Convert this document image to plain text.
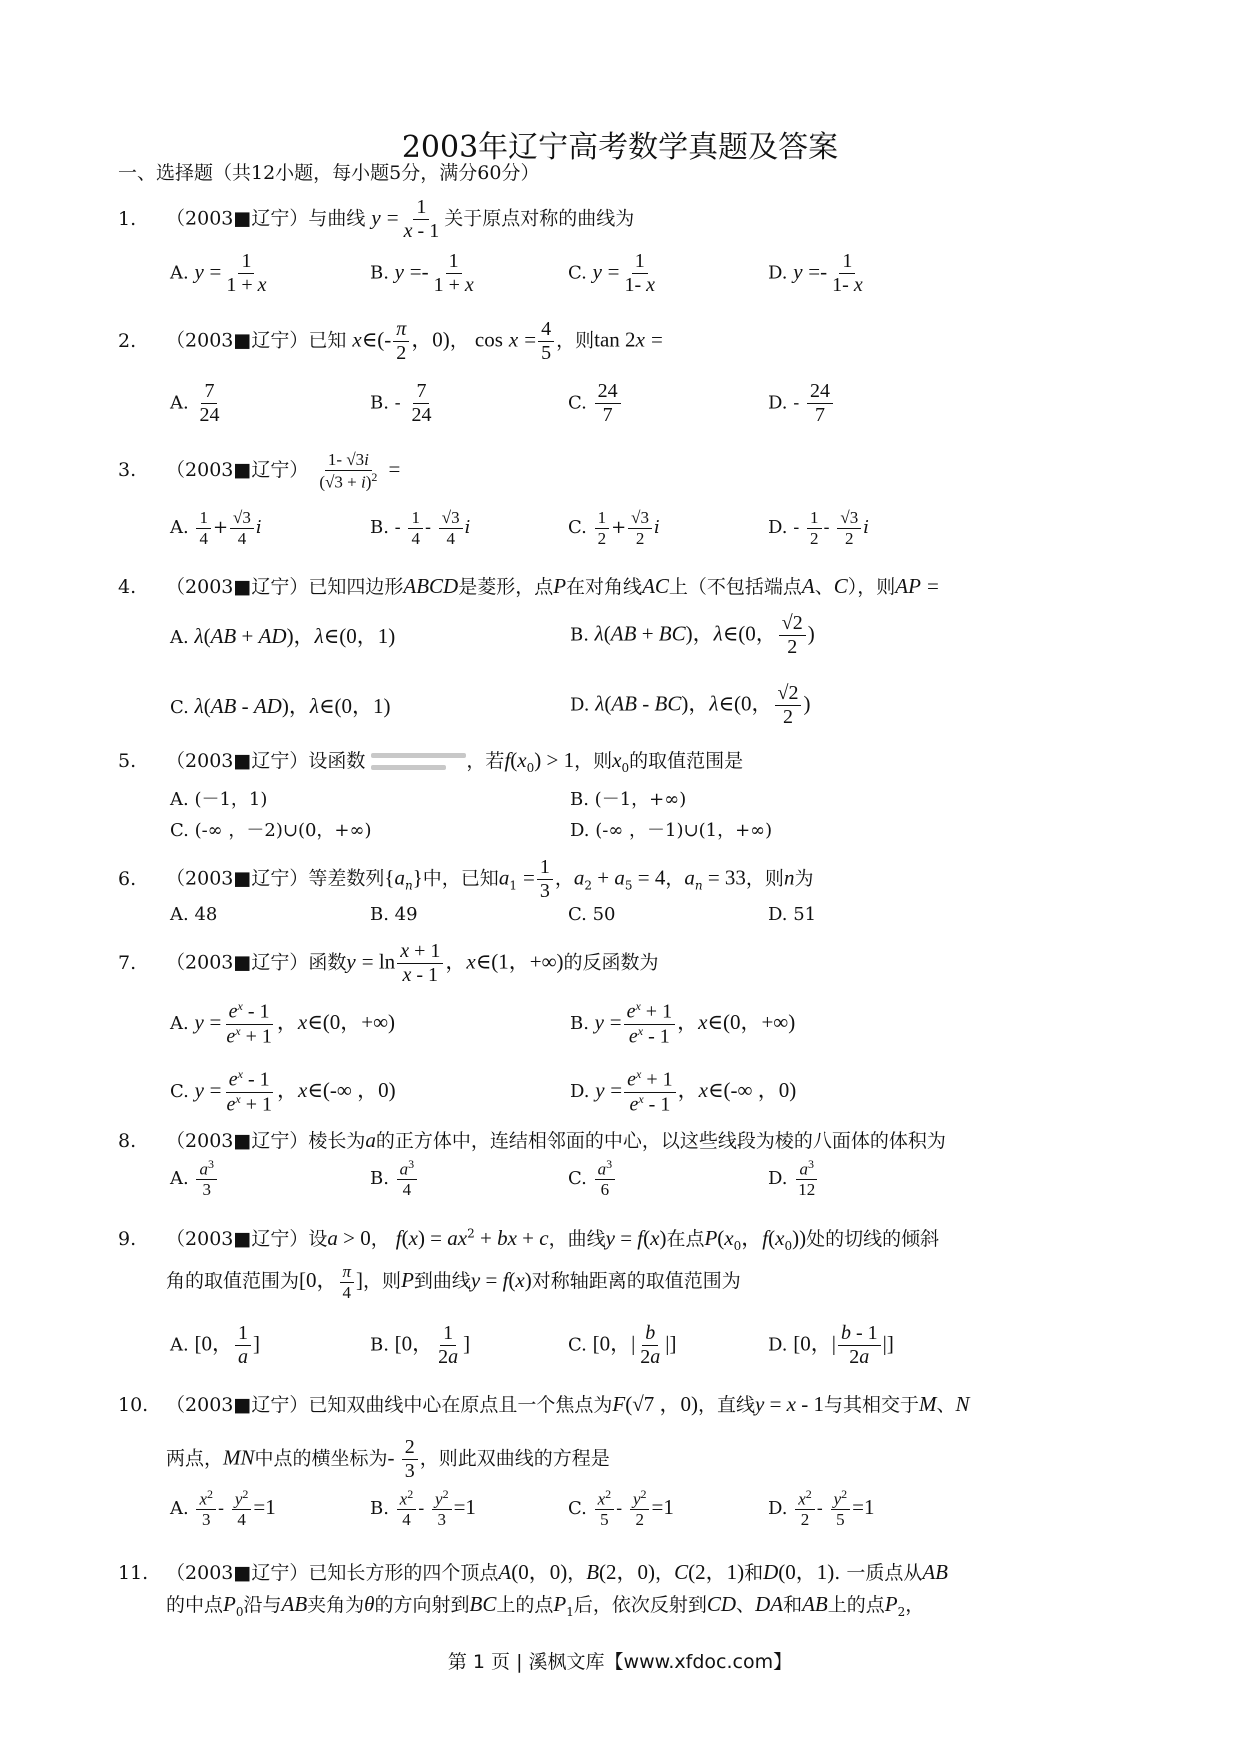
2003年辽宁高考数学真题及答案
一、选择题（共12小题，每小题5分，满分60分）
1. （2003■辽宁）与曲线 $y = \frac{1}{x - 1}$ 关于原点对称的曲线为
A. $y = \frac{1}{1 + x}$	B. $y =- \frac{1}{1 + x}$	C. $y = \frac{1}{1- x}$	D. $y =- \frac{1}{1- x}$
2. （2003■辽宁）已知 x∈(- $\frac{\pi}{2}$ ，0)， $\cos x = \frac{4}{5}$ ，则tan 2x =
A. $\frac{7}{24}$	B. - $\frac{7}{24}$	C. $\frac{24}{7}$	D. - $\frac{24}{7}$
3. （2003■辽宁） $\frac{1- √3i}{(√3 + i)^2}$ =
A. $\frac{1}{4} + \frac{√3}{4}$ i	B. - $\frac{1}{4} - \frac{√3}{4}$ i	C. $\frac{1}{2} + \frac{√3}{2}$ i	D. - $\frac{1}{2} - \frac{√3}{2}$ i
4. （2003■辽宁）已知四边形ABCD是菱形，点P在对角线AC上（不包括端点A、C），则AP =
A. λ(AB + AD)，λ∈(0，1)	B. λ(AB + BC)，λ∈(0， $\frac{√2}{2}$ )
C. λ(AB - AD)，λ∈(0，1)	D. λ(AB - BC)，λ∈(0， $\frac{√2}{2}$ )
5. （2003■辽宁）设函数	，若$f(x_0) > 1$，则$x_0$的取值范围是
A. (－1，1)	B. (－1，+∞)
C. (-∞ ，－2)∪(0，+∞)	D. (-∞ ，－1)∪(1，+∞)
6. （2003■辽宁）等差数列$\{a_n\}$中，已知$a_1 = \frac{1}{3}$ ，$a_2 + a_5 = 4$，$a_n = 33$，则n为
A. 48	B. 49	C. 50	D. 51
7. （2003■辽宁）函数$y = \ln \frac{x + 1}{x - 1}$ ，x∈(1，+∞)的反函数为
A. $y = \frac{e^x - 1}{e^x + 1}$ ，x∈(0，+∞)	B. $y = \frac{e^x + 1}{e^x - 1}$ ，x∈(0，+∞)
C. $y = \frac{e^x - 1}{e^x + 1}$ ，x∈(-∞ ，0)	D. $y = \frac{e^x + 1}{e^x - 1}$ ，x∈(-∞ ，0)
8. （2003■辽宁）棱长为a的正方体中，连结相邻面的中心，以这些线段为棱的八面体的体积为
A. $\frac{a^3}{3}$	B. $\frac{a^3}{4}$	C. $\frac{a^3}{6}$	D. $\frac{a^3}{12}$
9. （2003■辽宁）设a > 0， $f(x) = ax^2$ + bx + c，曲线y = f(x)在点$P(x_0$，$f(x_0)$)处的切线的倾斜
角的取值范围为[0， $\frac{\pi}{4}$ ]，则P到曲线y = f(x)对称轴距离的取值范围为
A. [0， $\frac{1}{a}$ ]	B. [0， $\frac{1}{2a}$ ]	C. [0，| $\frac{b}{2a}$ |]	D. [0，| $\frac{b - 1}{2a}$ |]
10. （2003■辽宁）已知双曲线中心在原点且一个焦点为F(√7 ，0)，直线y = x - 1与其相交于M、N
两点，MN中点的横坐标为- $\frac{2}{3}$ ，则此双曲线的方程是
A. $\frac{x^2}{3} - \frac{y^2}{4} =1$	B. $\frac{x^2}{4} - \frac{y^2}{3} =1$	C. $\frac{x^2}{5} - \frac{y^2}{2} =1$	D. $\frac{x^2}{2} - \frac{y^2}{5} =1$
11. （2003■辽宁）已知长方形的四个顶点A(0，0)，B(2，0)，C(2，1)和D(0，1). 一质点从AB
的中点$P_0$沿与AB夹角为θ的方向射到BC上的点$P_1$后，依次反射到CD、DA和AB上的点$P_2$，
第 1 页 | 溪枫文库【www.xfdoc.com】
